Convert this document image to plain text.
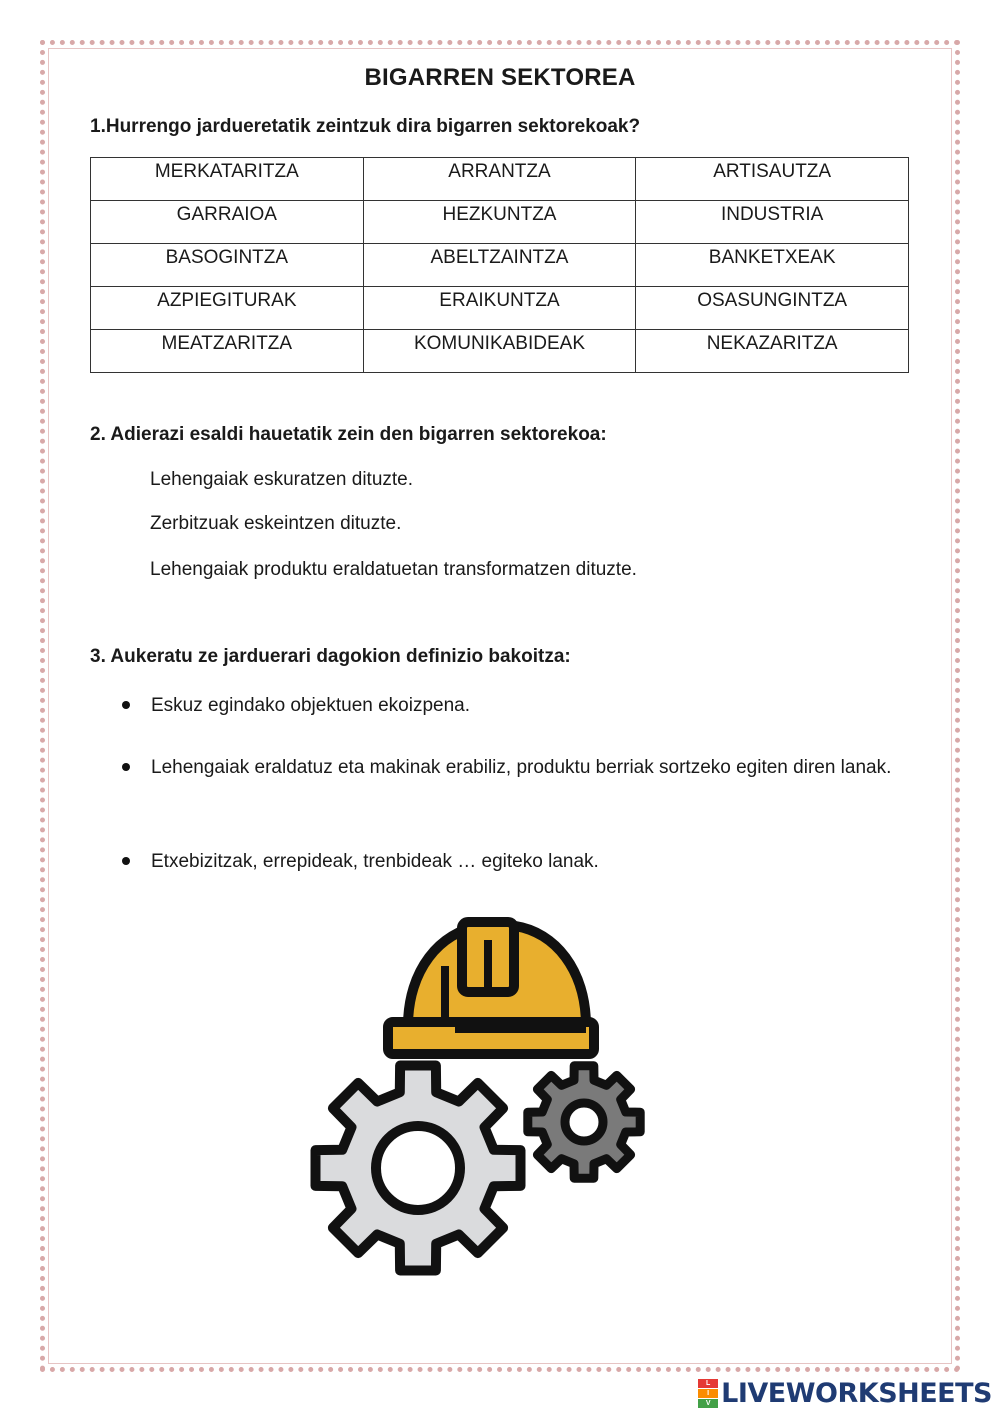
BIGARREN SEKTOREA
1.Hurrengo jardueretatik zeintzuk dira bigarren sektorekoak?
MERKATARITZA	ARRANTZA	ARTISAUTZA
GARRAIOA	HEZKUNTZA	INDUSTRIA
BASOGINTZA	ABELTZAINTZA	BANKETXEAK
AZPIEGITURAK	ERAIKUNTZA	OSASUNGINTZA
MEATZARITZA	KOMUNIKABIDEAK	NEKAZARITZA
2. Adierazi esaldi hauetatik zein den bigarren sektorekoa:
Lehengaiak eskuratzen dituzte.
Zerbitzuak eskeintzen dituzte.
Lehengaiak produktu eraldatuetan transformatzen dituzte.
3. Aukeratu ze jarduerari dagokion definizio bakoitza:
Eskuz egindako objektuen ekoizpena.
Lehengaiak eraldatuz eta makinak erabiliz, produktu berriak sortzeko egiten diren lanak.
Etxebizitzak, errepideak, trenbideak … egiteko lanak.
L
I
V LIVEWORKSHEETS
